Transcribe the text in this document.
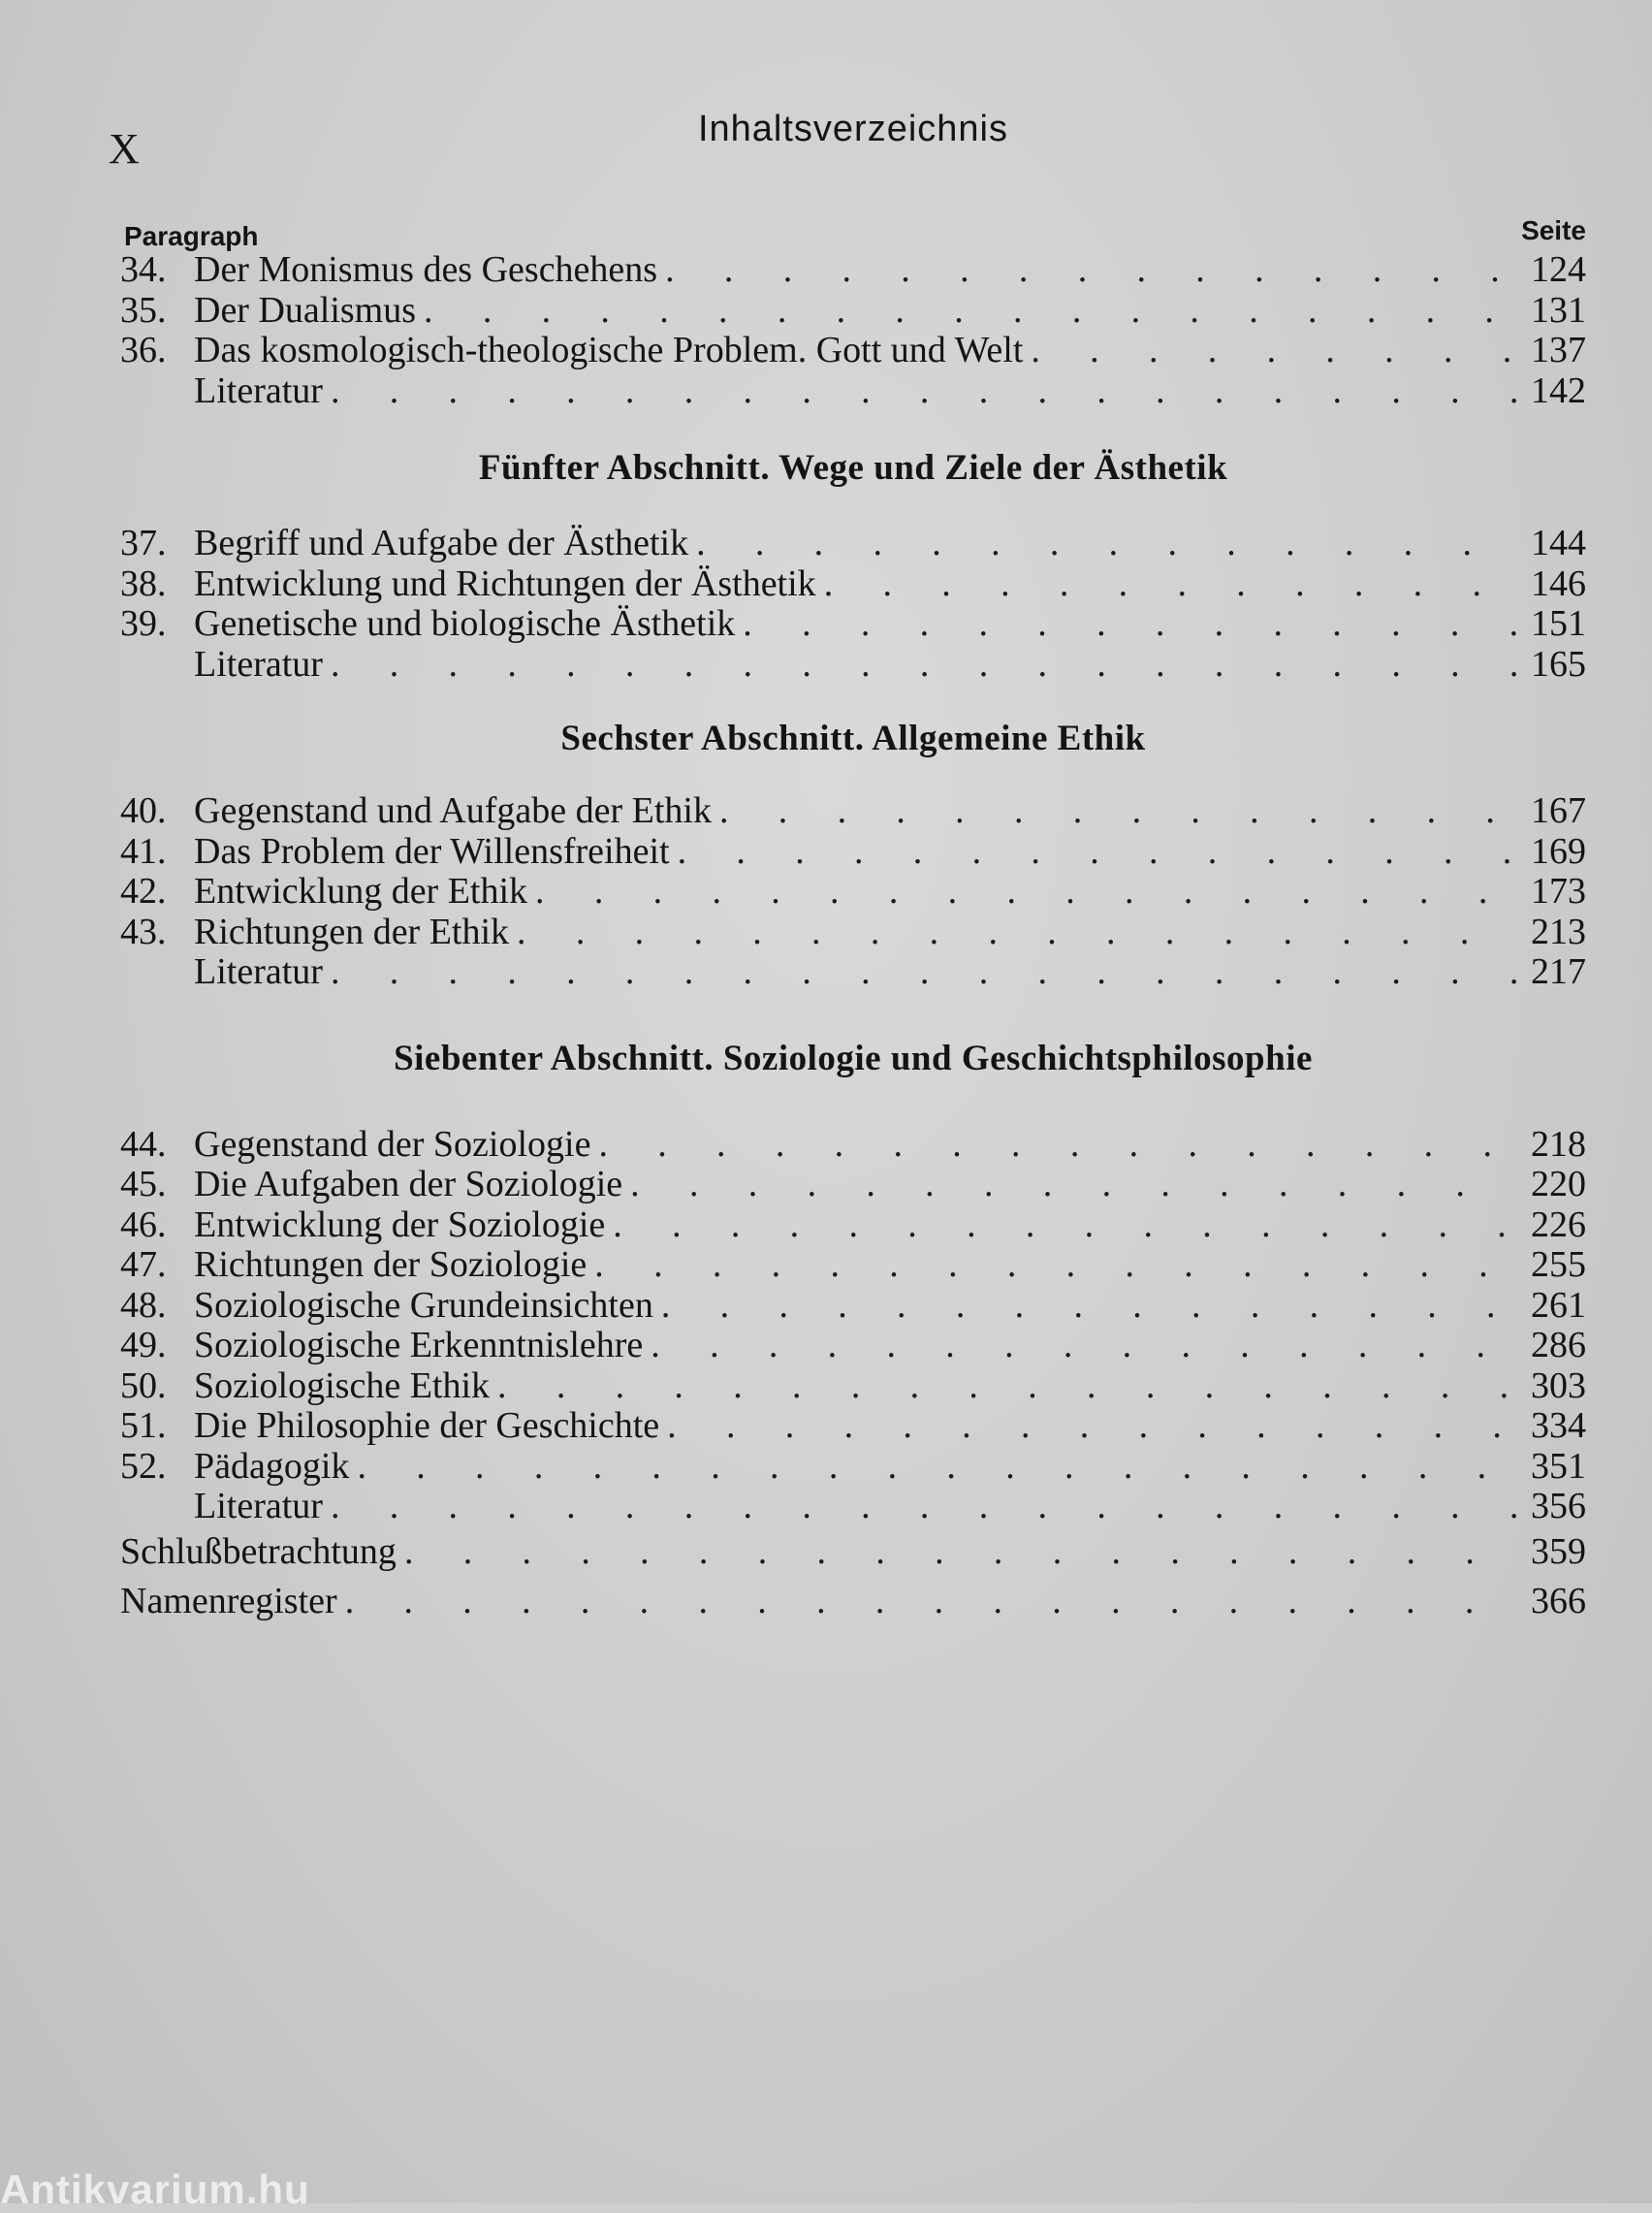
X	Inhaltsverzeichnis
Paragraph	Seite
34. Der Monismus des Geschehens . . .	124
35. Der Dualismus . . .	131
36. Das kosmologisch-theologische Problem. Gott und Welt . . .	137
Literatur . . .	142
Fünfter Abschnitt. Wege und Ziele der Ästhetik
37. Begriff und Aufgabe der Ästhetik . . .	144
38. Entwicklung und Richtungen der Ästhetik . . .	146
39. Genetische und biologische Ästhetik . . .	151
Literatur . . .	165
Sechster Abschnitt. Allgemeine Ethik
40. Gegenstand und Aufgabe der Ethik . . .	167
41. Das Problem der Willensfreiheit . . .	169
42. Entwicklung der Ethik . . .	173
43. Richtungen der Ethik . . .	213
Literatur . . .	217
Siebenter Abschnitt. Soziologie und Geschichtsphilosophie
44. Gegenstand der Soziologie . . .	218
45. Die Aufgaben der Soziologie . . .	220
46. Entwicklung der Soziologie . . .	226
47. Richtungen der Soziologie . . .	255
48. Soziologische Grundeinsichten . . .	261
49. Soziologische Erkenntnislehre . . .	286
50. Soziologische Ethik . . .	303
51. Die Philosophie der Geschichte . . .	334
52. Pädagogik . . .	351
Literatur . . .	356
Schlußbetrachtung . . .	359
Namenregister . . .	366
Antikvarium.hu
